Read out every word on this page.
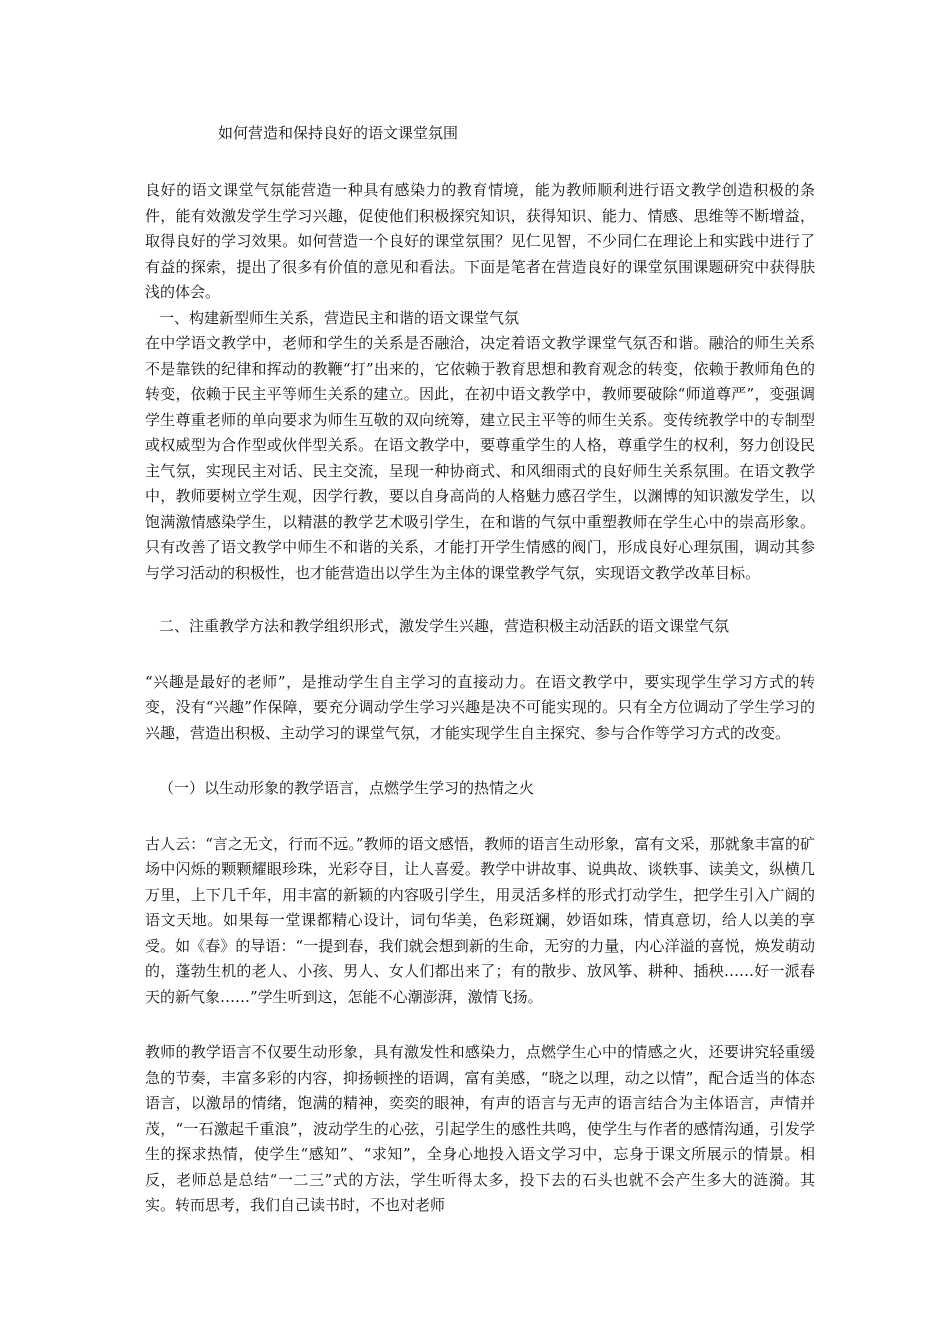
如何营造和保持良好的语文课堂氛围

良好的语文课堂气氛能营造一种具有感染力的教育情境，能为教师顺利进行语文教学创造积极的条件，能有效激发学生学习兴趣，促使他们积极探究知识，获得知识、能力、情感、思维等不断增益，取得良好的学习效果。如何营造一个良好的课堂氛围？见仁见智，不少同仁在理论上和实践中进行了有益的探索，提出了很多有价值的意见和看法。下面是笔者在营造良好的课堂氛围课题研究中获得肤浅的体会。

一、构建新型师生关系，营造民主和谐的语文课堂气氛

在中学语文教学中，老师和学生的关系是否融洽，决定着语文教学课堂气氛否和谐。融洽的师生关系不是靠铁的纪律和挥动的教鞭“打”出来的，它依赖于教育思想和教育观念的转变，依赖于教师角色的转变，依赖于民主平等师生关系的建立。因此，在初中语文教学中，教师要破除“师道尊严”，变强调学生尊重老师的单向要求为师生互敬的双向统筹，建立民主平等的师生关系。变传统教学中的专制型或权威型为合作型或伙伴型关系。在语文教学中，要尊重学生的人格，尊重学生的权利，努力创设民主气氛，实现民主对话、民主交流，呈现一种协商式、和风细雨式的良好师生关系氛围。在语文教学中，教师要树立学生观，因学行教，要以自身高尚的人格魅力感召学生，以渊博的知识激发学生，以饱满激情感染学生，以精湛的教学艺术吸引学生，在和谐的气氛中重塑教师在学生心中的崇高形象。只有改善了语文教学中师生不和谐的关系，才能打开学生情感的阀门，形成良好心理氛围，调动其参与学习活动的积极性，也才能营造出以学生为主体的课堂教学气氛，实现语文教学改革目标。

二、注重教学方法和教学组织形式，激发学生兴趣，营造积极主动活跃的语文课堂气氛

“兴趣是最好的老师”，是推动学生自主学习的直接动力。在语文教学中，要实现学生学习方式的转变，没有“兴趣”作保障，要充分调动学生学习兴趣是决不可能实现的。只有全方位调动了学生学习的兴趣，营造出积极、主动学习的课堂气氛，才能实现学生自主探究、参与合作等学习方式的改变。

（一）以生动形象的教学语言，点燃学生学习的热情之火

古人云：“言之无文，行而不远。”教师的语文感悟，教师的语言生动形象，富有文采，那就象丰富的矿场中闪烁的颗颗耀眼珍珠，光彩夺目，让人喜爱。教学中讲故事、说典故、谈轶事、读美文，纵横几万里，上下几千年，用丰富的新颖的内容吸引学生，用灵活多样的形式打动学生，把学生引入广阔的语文天地。如果每一堂课都精心设计，词句华美，色彩斑斓，妙语如珠，情真意切，给人以美的享受。如《春》的导语：“一提到春，我们就会想到新的生命，无穷的力量，内心洋溢的喜悦，焕发萌动的，蓬勃生机的老人、小孩、男人、女人们都出来了；有的散步、放风筝、耕种、插秧……好一派春天的新气象……”学生听到这，怎能不心潮澎湃，激情飞扬。

教师的教学语言不仅要生动形象，具有激发性和感染力，点燃学生心中的情感之火，还要讲究轻重缓急的节奏，丰富多彩的内容，抑扬顿挫的语调，富有美感，“晓之以理，动之以情”，配合适当的体态语言，以激昂的情绪，饱满的精神，奕奕的眼神，有声的语言与无声的语言结合为主体语言，声情并茂，“一石激起千重浪”，波动学生的心弦，引起学生的感性共鸣，使学生与作者的感情沟通，引发学生的探求热情，使学生“感知”、“求知”，全身心地投入语文学习中，忘身于课文所展示的情景。相反，老师总是总结“一二三”式的方法，学生听得太多，投下去的石头也就不会产生多大的涟漪。其实。转而思考，我们自己读书时，不也对老师
